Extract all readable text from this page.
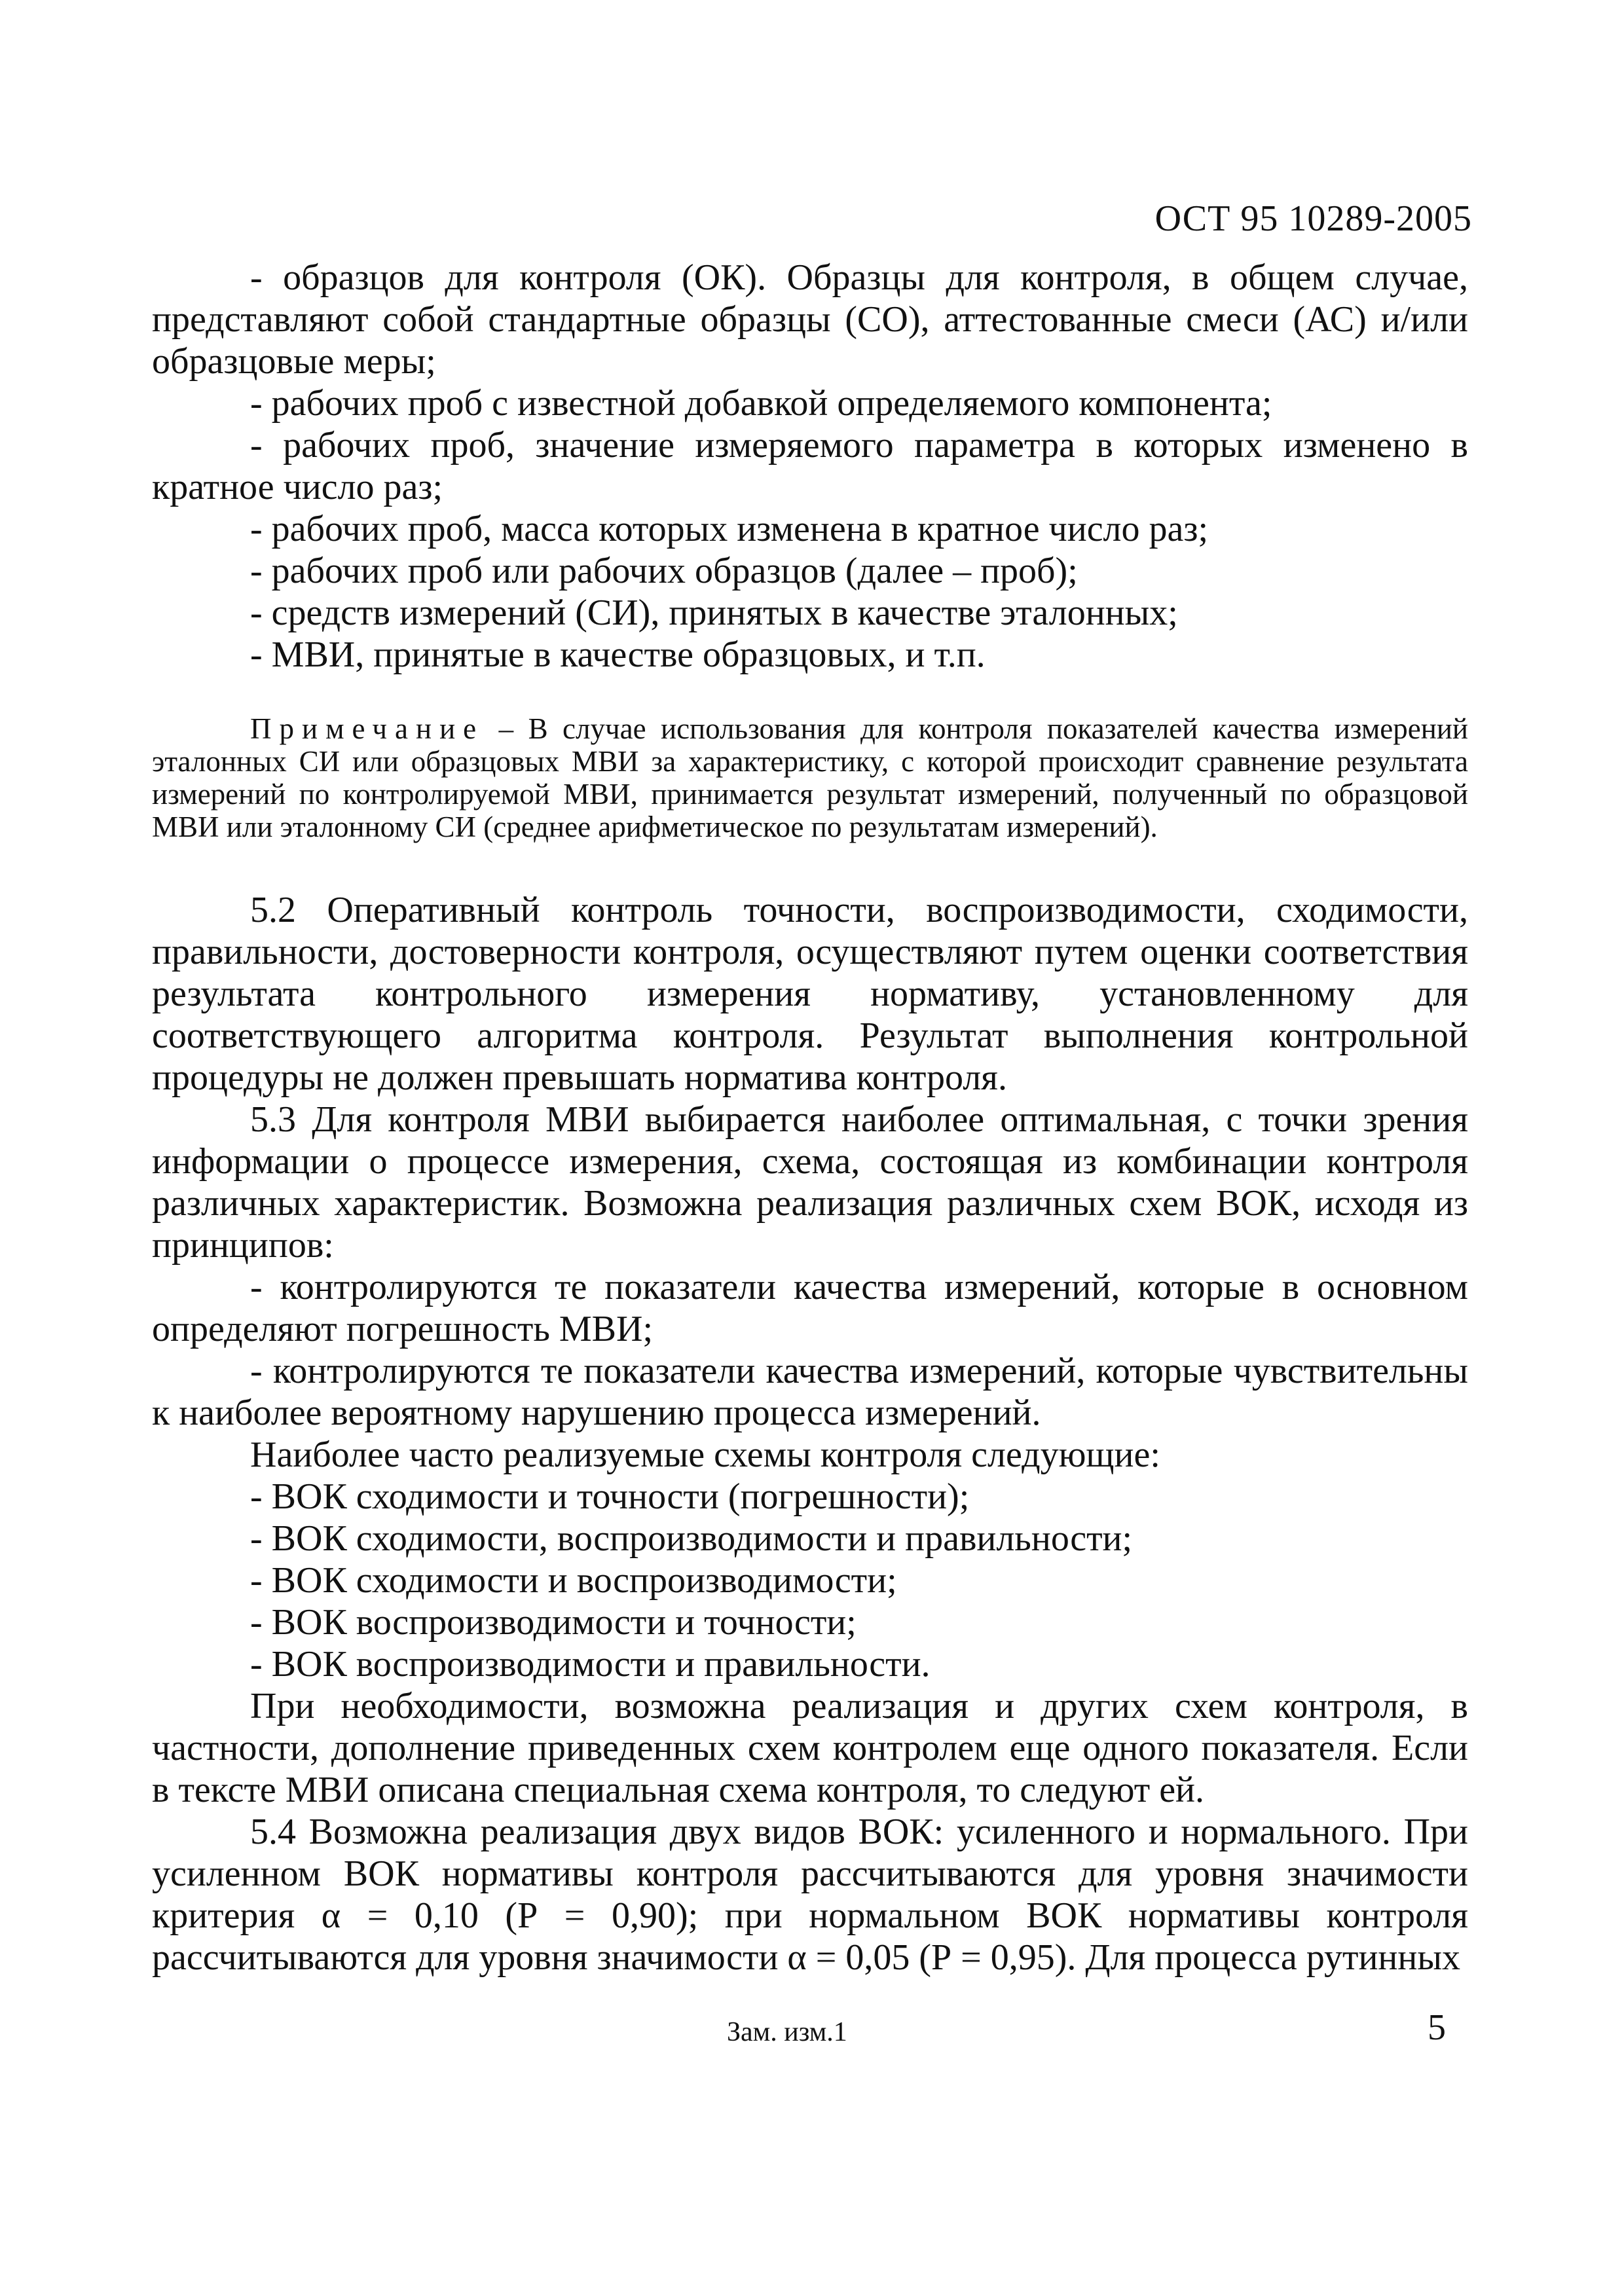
ОСТ 95 10289-2005

- образцов для контроля (ОК). Образцы для контроля, в общем случае, представляют собой стандартные образцы (СО), аттестованные смеси (АС) и/или образцовые меры;

- рабочих проб с известной добавкой определяемого компонента;

- рабочих проб, значение измеряемого параметра в которых изменено в кратное число раз;

- рабочих проб, масса которых изменена в кратное число раз;

- рабочих проб или рабочих образцов (далее – проб);

- средств измерений (СИ), принятых в качестве эталонных;

- МВИ, принятые в качестве образцовых, и т.п.

Примечание – В случае использования для контроля показателей качества измерений эталонных СИ или образцовых МВИ за характеристику, с которой происходит сравнение результата измерений по контролируемой МВИ, принимается результат измерений, полученный по образцовой МВИ или эталонному СИ (среднее арифметическое по результатам измерений).

5.2 Оперативный контроль точности, воспроизводимости, сходимости, правильности, достоверности контроля, осуществляют путем оценки соответствия результата контрольного измерения нормативу, установленному для соответствующего алгоритма контроля. Результат выполнения контрольной процедуры не должен превышать норматива контроля.

5.3 Для контроля МВИ выбирается наиболее оптимальная, с точки зрения информации о процессе измерения, схема, состоящая из комбинации контроля различных характеристик. Возможна реализация различных схем ВОК, исходя из принципов:

- контролируются те показатели качества измерений, которые в основном определяют погрешность МВИ;

- контролируются те показатели качества измерений, которые чувствительны к наиболее вероятному нарушению процесса измерений.

Наиболее часто реализуемые схемы контроля следующие:

- ВОК сходимости и точности (погрешности);

- ВОК сходимости, воспроизводимости и правильности;

- ВОК сходимости и воспроизводимости;

- ВОК воспроизводимости и точности;

- ВОК воспроизводимости и правильности.

При необходимости, возможна реализация и других схем контроля, в частности, дополнение приведенных схем контролем еще одного показателя. Если в тексте МВИ описана специальная схема контроля, то следуют ей.

5.4 Возможна реализация двух видов ВОК: усиленного и нормального. При усиленном ВОК нормативы контроля рассчитываются для уровня значимости критерия α = 0,10 (Р = 0,90); при нормальном ВОК нормативы контроля рассчитываются для уровня значимости α = 0,05 (Р = 0,95). Для процесса рутинных

Зам. изм.1	5
